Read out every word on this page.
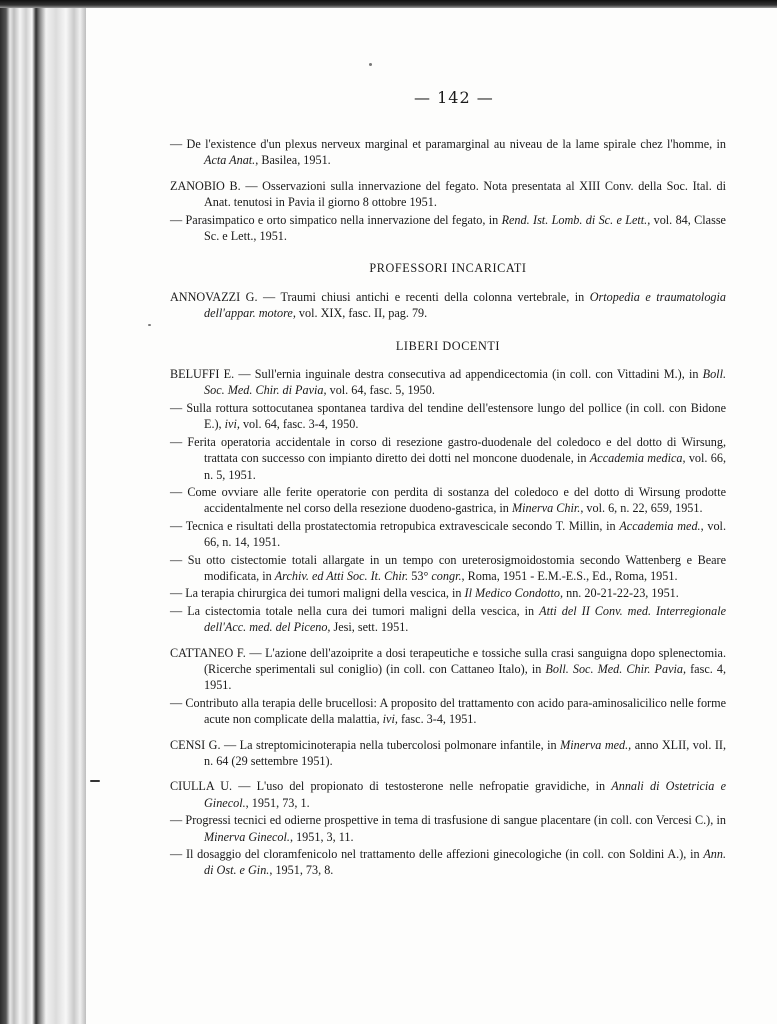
— 142 —

— De l'existence d'un plexus nerveux marginal et paramarginal au niveau de la lame spirale chez l'homme, in Acta Anat., Basilea, 1951.

ZANOBIO B. — Osservazioni sulla innervazione del fegato. Nota presentata al XIII Conv. della Soc. Ital. di Anat. tenutosi in Pavia il giorno 8 ottobre 1951.

— Parasimpatico e orto simpatico nella innervazione del fegato, in Rend. Ist. Lomb. di Sc. e Lett., vol. 84, Classe Sc. e Lett., 1951.

PROFESSORI INCARICATI

ANNOVAZZI G. — Traumi chiusi antichi e recenti della colonna vertebrale, in Ortopedia e traumatologia dell'appar. motore, vol. XIX, fasc. II, pag. 79.

LIBERI DOCENTI

BELUFFI E. — Sull'ernia inguinale destra consecutiva ad appendicectomia (in coll. con Vittadini M.), in Boll. Soc. Med. Chir. di Pavia, vol. 64, fasc. 5, 1950.

— Sulla rottura sottocutanea spontanea tardiva del tendine dell'estensore lungo del pollice (in coll. con Bidone E.), ivi, vol. 64, fasc. 3-4, 1950.

— Ferita operatoria accidentale in corso di resezione gastro-duodenale del coledoco e del dotto di Wirsung, trattata con successo con impianto diretto dei dotti nel moncone duodenale, in Accademia medica, vol. 66, n. 5, 1951.

— Come ovviare alle ferite operatorie con perdita di sostanza del coledoco e del dotto di Wirsung prodotte accidentalmente nel corso della resezione duodeno-gastrica, in Minerva Chir., vol. 6, n. 22, 659, 1951.

— Tecnica e risultati della prostatectomia retropubica extravescicale secondo T. Millin, in Accademia med., vol. 66, n. 14, 1951.

— Su otto cistectomie totali allargate in un tempo con ureterosigmoidostomia secondo Wattenberg e Beare modificata, in Archiv. ed Atti Soc. It. Chir. 53° congr., Roma, 1951 - E.M.-E.S., Ed., Roma, 1951.

— La terapia chirurgica dei tumori maligni della vescica, in Il Medico Condotto, nn. 20-21-22-23, 1951.

— La cistectomia totale nella cura dei tumori maligni della vescica, in Atti del II Conv. med. Interregionale dell'Acc. med. del Piceno, Jesi, sett. 1951.

CATTANEO F. — L'azione dell'azoiprite a dosi terapeutiche e tossiche sulla crasi sanguigna dopo splenectomia. (Ricerche sperimentali sul coniglio) (in coll. con Cattaneo Italo), in Boll. Soc. Med. Chir. Pavia, fasc. 4, 1951.

— Contributo alla terapia delle brucellosi: A proposito del trattamento con acido para-aminosalicilico nelle forme acute non complicate della malattia, ivi, fasc. 3-4, 1951.

CENSI G. — La streptomicinoterapia nella tubercolosi polmonare infantile, in Minerva med., anno XLII, vol. II, n. 64 (29 settembre 1951).

CIULLA U. — L'uso del propionato di testosterone nelle nefropatie gravidiche, in Annali di Ostetricia e Ginecol., 1951, 73, 1.

— Progressi tecnici ed odierne prospettive in tema di trasfusione di sangue placentare (in coll. con Vercesi C.), in Minerva Ginecol., 1951, 3, 11.

— Il dosaggio del cloramfenicolo nel trattamento delle affezioni ginecologiche (in coll. con Soldini A.), in Ann. di Ost. e Gin., 1951, 73, 8.
